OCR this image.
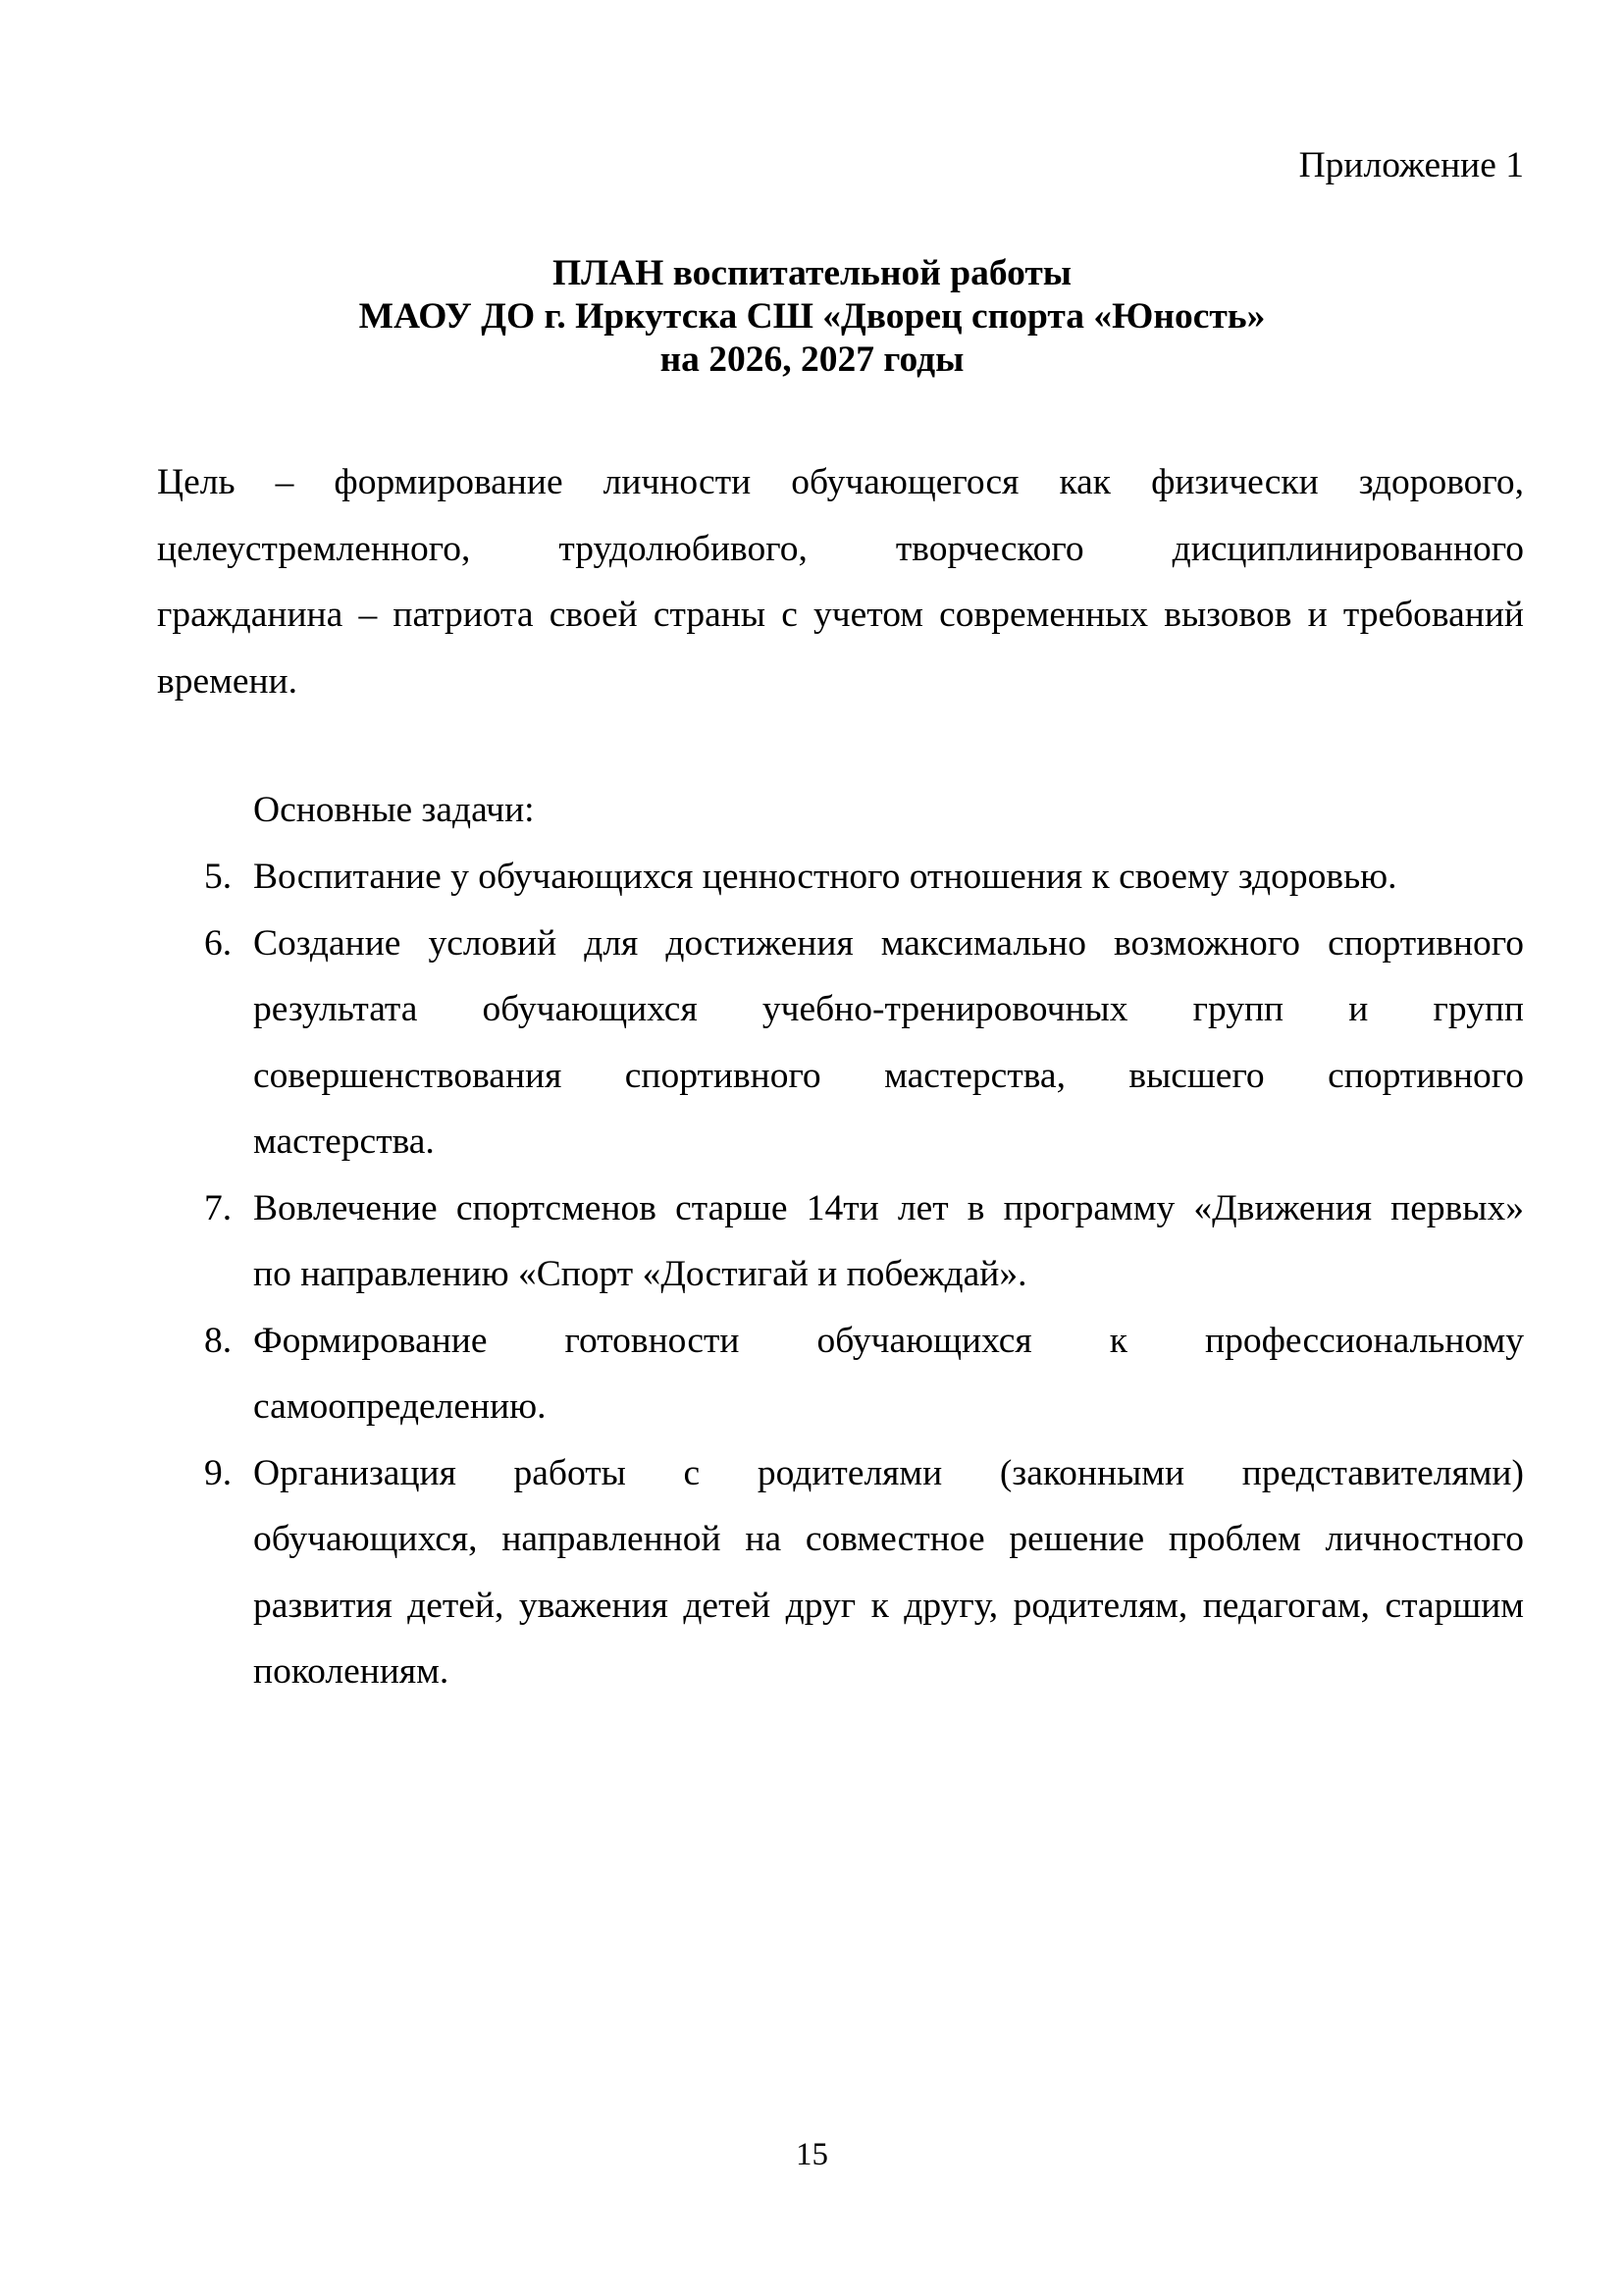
Приложение 1
ПЛАН воспитательной работы
МАОУ ДО г. Иркутска СШ «Дворец спорта «Юность»
на 2026, 2027 годы
Цель – формирование личности обучающегося как физически здорового,
целеустремленного, трудолюбивого, творческого дисциплинированного
гражданина – патриота своей страны с учетом современных вызовов и требований
времени.
Основные задачи:
5. Воспитание у обучающихся ценностного отношения к своему здоровью.
6. Создание условий для достижения максимально возможного спортивного
результата обучающихся учебно-тренировочных групп и групп
совершенствования спортивного мастерства, высшего спортивного
мастерства.
7. Вовлечение спортсменов старше 14ти лет в программу «Движения первых»
по направлению «Спорт «Достигай и побеждай».
8. Формирование готовности обучающихся к профессиональному
самоопределению.
9. Организация работы с родителями (законными представителями)
обучающихся, направленной на совместное решение проблем личностного
развития детей, уважения детей друг к другу, родителям, педагогам, старшим
поколениям.
15
